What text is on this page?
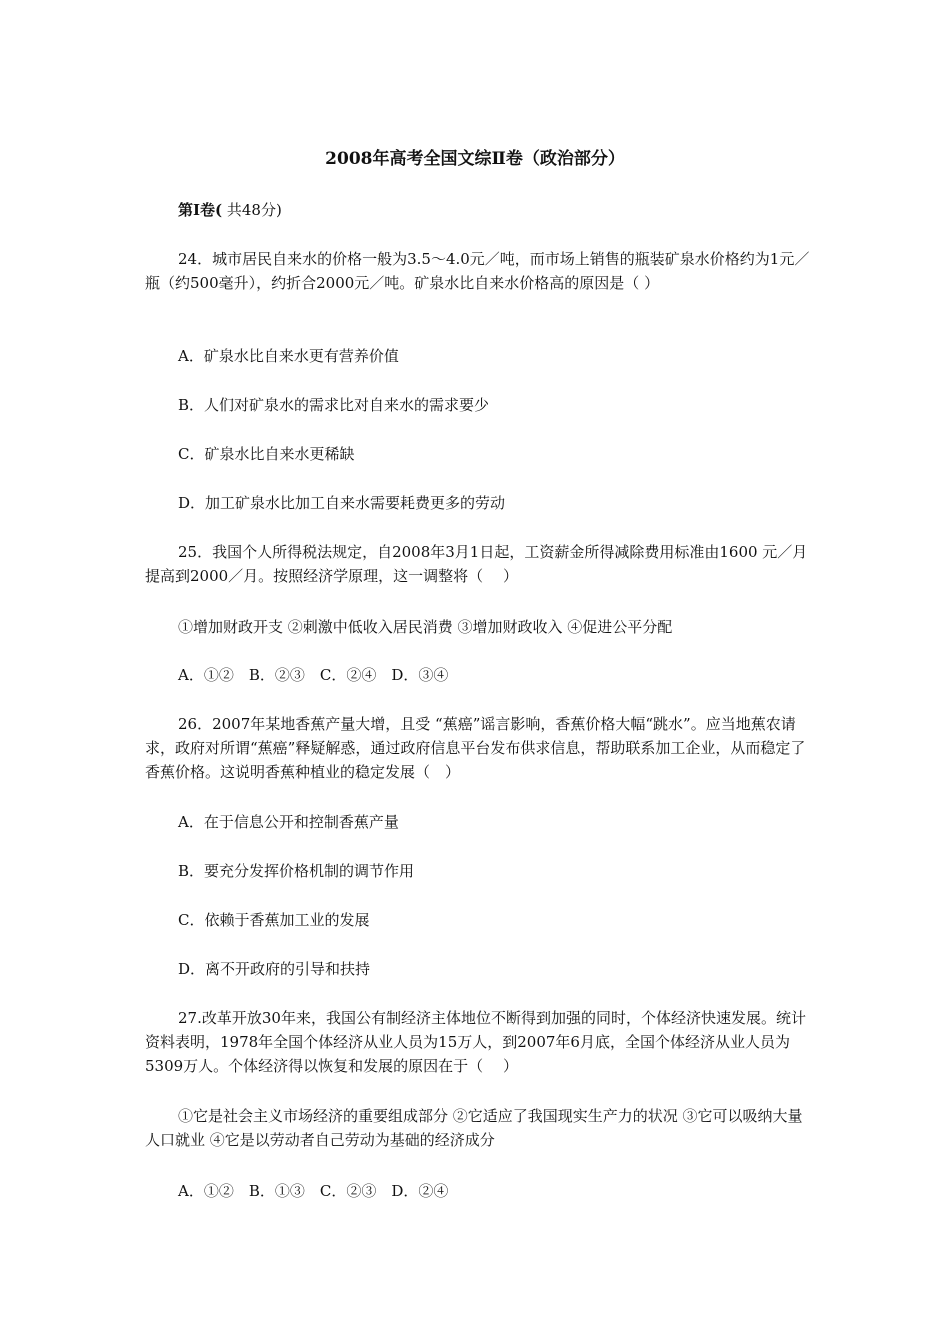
2008年高考全国文综Ⅱ卷（政治部分）
第Ⅰ卷( 共48分)
24．城市居民自来水的价格一般为3.5～4.0元／吨，而市场上销售的瓶装矿泉水价格约为1元／瓶（约500毫升），约折合2000元／吨。矿泉水比自来水价格高的原因是（ ）
A．矿泉水比自来水更有营养价值
B．人们对矿泉水的需求比对自来水的需求要少
C．矿泉水比自来水更稀缺
D．加工矿泉水比加工自来水需要耗费更多的劳动
25．我国个人所得税法规定，自2008年3月1日起，工资薪金所得减除费用标准由1600 元／月提高到2000／月。按照经济学原理，这一调整将（　 ）
①增加财政开支 ②刺激中低收入居民消费 ③增加财政收入 ④促进公平分配
A．①②　B．②③　C．②④　D．③④
26．2007年某地香蕉产量大增，且受 “蕉癌”谣言影响，香蕉价格大幅“跳水”。应当地蕉农请求，政府对所谓“蕉癌”释疑解惑，通过政府信息平台发布供求信息，帮助联系加工企业，从而稳定了香蕉价格。这说明香蕉种植业的稳定发展（　）
A．在于信息公开和控制香蕉产量
B．要充分发挥价格机制的调节作用
C．依赖于香蕉加工业的发展
D．离不开政府的引导和扶持
27.改革开放30年来，我国公有制经济主体地位不断得到加强的同时，个体经济快速发展。统计资料表明，1978年全国个体经济从业人员为15万人，到2007年6月底，全国个体经济从业人员为5309万人。个体经济得以恢复和发展的原因在于（　 ）
①它是社会主义市场经济的重要组成部分 ②它适应了我国现实生产力的状况 ③它可以吸纳大量人口就业 ④它是以劳动者自己劳动为基础的经济成分
A．①②　B．①③　C．②③　D．②④
